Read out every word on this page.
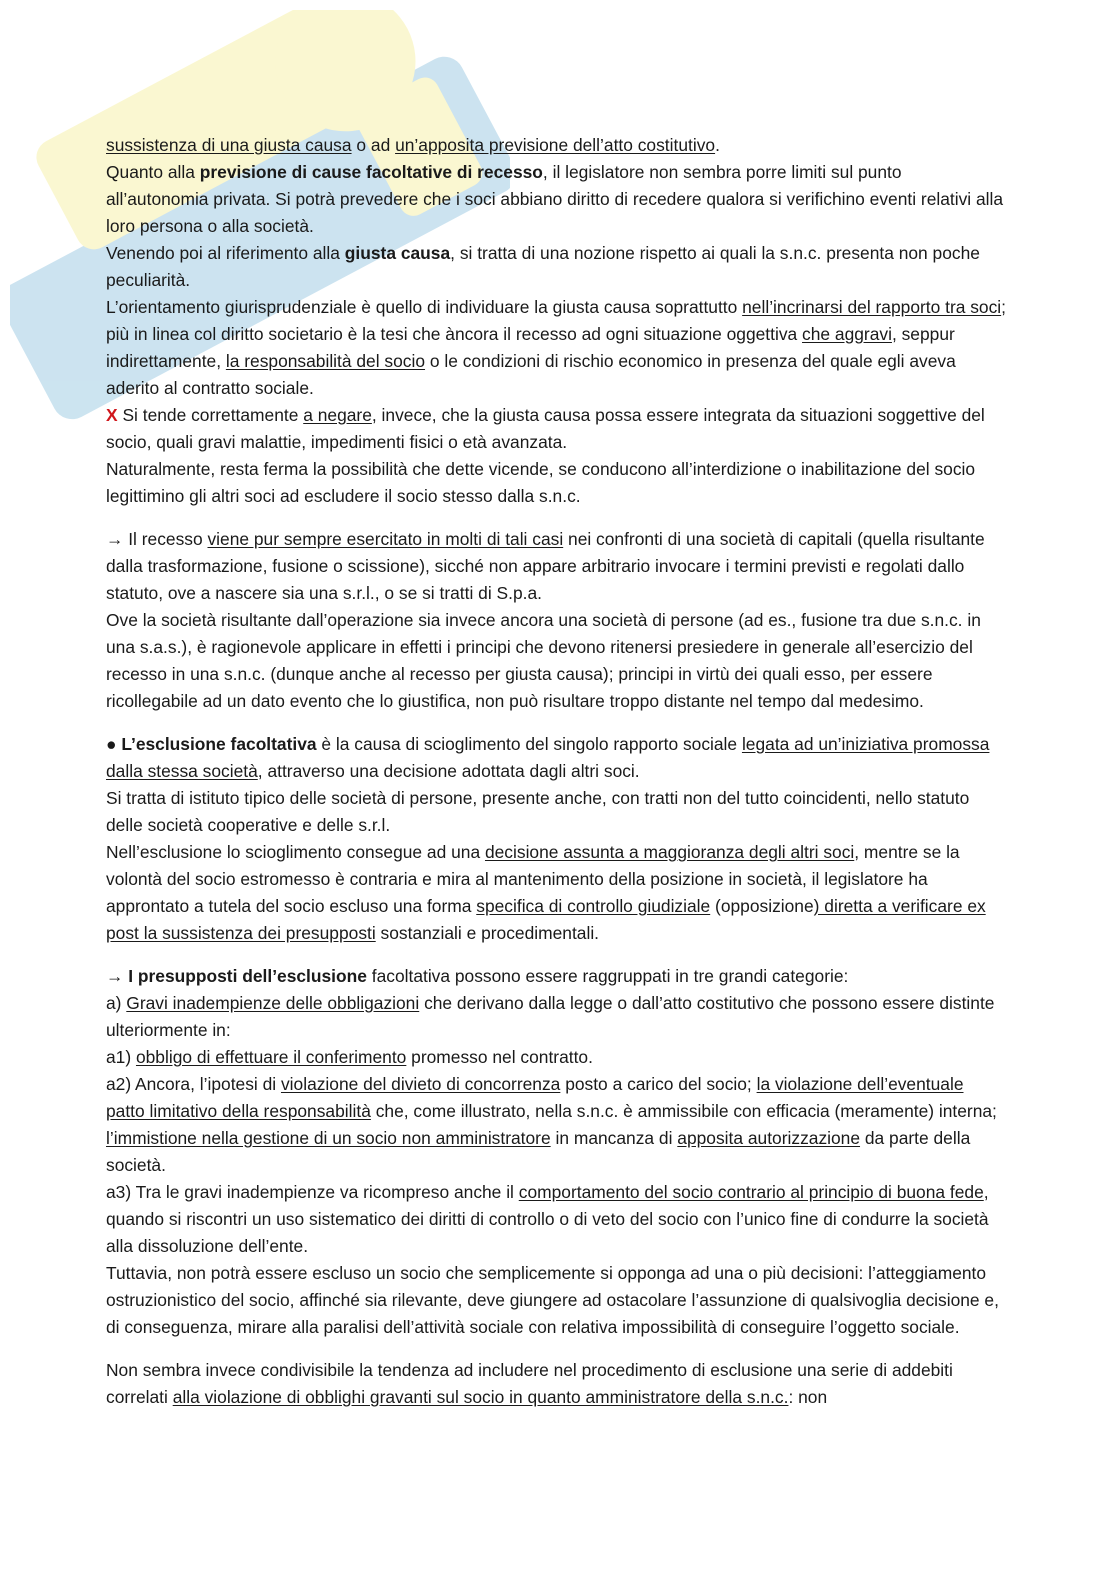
sussistenza di una giusta causa o ad un’apposita previsione dell’atto costitutivo.

Quanto alla previsione di cause facoltative di recesso, il legislatore non sembra porre limiti sul punto all’autonomia privata. Si potrà prevedere che i soci abbiano diritto di recedere qualora si verifichino eventi relativi alla loro persona o alla società.

Venendo poi al riferimento alla giusta causa, si tratta di una nozione rispetto ai quali la s.n.c. presenta non poche peculiarità.

L’orientamento giurisprudenziale è quello di individuare la giusta causa soprattutto nell’incrinarsi del rapporto tra soci; più in linea col diritto societario è la tesi che àncora il recesso ad ogni situazione oggettiva che aggravi, seppur indirettamente, la responsabilità del socio o le condizioni di rischio economico in presenza del quale egli aveva aderito al contratto sociale.

X Si tende correttamente a negare, invece, che la giusta causa possa essere integrata da situazioni soggettive del socio, quali gravi malattie, impedimenti fisici o età avanzata.

Naturalmente, resta ferma la possibilità che dette vicende, se conducono all’interdizione o inabilitazione del socio legittimino gli altri soci ad escludere il socio stesso dalla s.n.c.

→ Il recesso viene pur sempre esercitato in molti di tali casi nei confronti di una società di capitali (quella risultante dalla trasformazione, fusione o scissione), sicché non appare arbitrario invocare i termini previsti e regolati dallo statuto, ove a nascere sia una s.r.l., o se si tratti di S.p.a.

Ove la società risultante dall’operazione sia invece ancora una società di persone (ad es., fusione tra due s.n.c. in una s.a.s.), è ragionevole applicare in effetti i principi che devono ritenersi presiedere in generale all’esercizio del recesso in una s.n.c. (dunque anche al recesso per giusta causa); principi in virtù dei quali esso, per essere ricollegabile ad un dato evento che lo giustifica, non può risultare troppo distante nel tempo dal medesimo.

● L’esclusione facoltativa è la causa di scioglimento del singolo rapporto sociale legata ad un’iniziativa promossa dalla stessa società, attraverso una decisione adottata dagli altri soci.

Si tratta di istituto tipico delle società di persone, presente anche, con tratti non del tutto coincidenti, nello statuto delle società cooperative e delle s.r.l.

Nell’esclusione lo scioglimento consegue ad una decisione assunta a maggioranza degli altri soci, mentre se la volontà del socio estromesso è contraria e mira al mantenimento della posizione in società, il legislatore ha approntato a tutela del socio escluso una forma specifica di controllo giudiziale (opposizione) diretta a verificare ex post la sussistenza dei presupposti sostanziali e procedimentali.

→ I presupposti dell’esclusione facoltativa possono essere raggruppati in tre grandi categorie:

a) Gravi inadempienze delle obbligazioni che derivano dalla legge o dall’atto costitutivo che possono essere distinte ulteriormente in:

a1) obbligo di effettuare il conferimento promesso nel contratto.

a2) Ancora, l’ipotesi di violazione del divieto di concorrenza posto a carico del socio; la violazione dell’eventuale patto limitativo della responsabilità che, come illustrato, nella s.n.c. è ammissibile con efficacia (meramente) interna; l’immistione nella gestione di un socio non amministratore in mancanza di apposita autorizzazione da parte della società.

a3) Tra le gravi inadempienze va ricompreso anche il comportamento del socio contrario al principio di buona fede, quando si riscontri un uso sistematico dei diritti di controllo o di veto del socio con l’unico fine di condurre la società alla dissoluzione dell’ente.

Tuttavia, non potrà essere escluso un socio che semplicemente si opponga ad una o più decisioni: l’atteggiamento ostruzionistico del socio, affinché sia rilevante, deve giungere ad ostacolare l’assunzione di qualsivoglia decisione e, di conseguenza, mirare alla paralisi dell’attività sociale con relativa impossibilità di conseguire l’oggetto sociale.

Non sembra invece condivisibile la tendenza ad includere nel procedimento di esclusione una serie di addebiti correlati alla violazione di obblighi gravanti sul socio in quanto amministratore della s.n.c.: non
